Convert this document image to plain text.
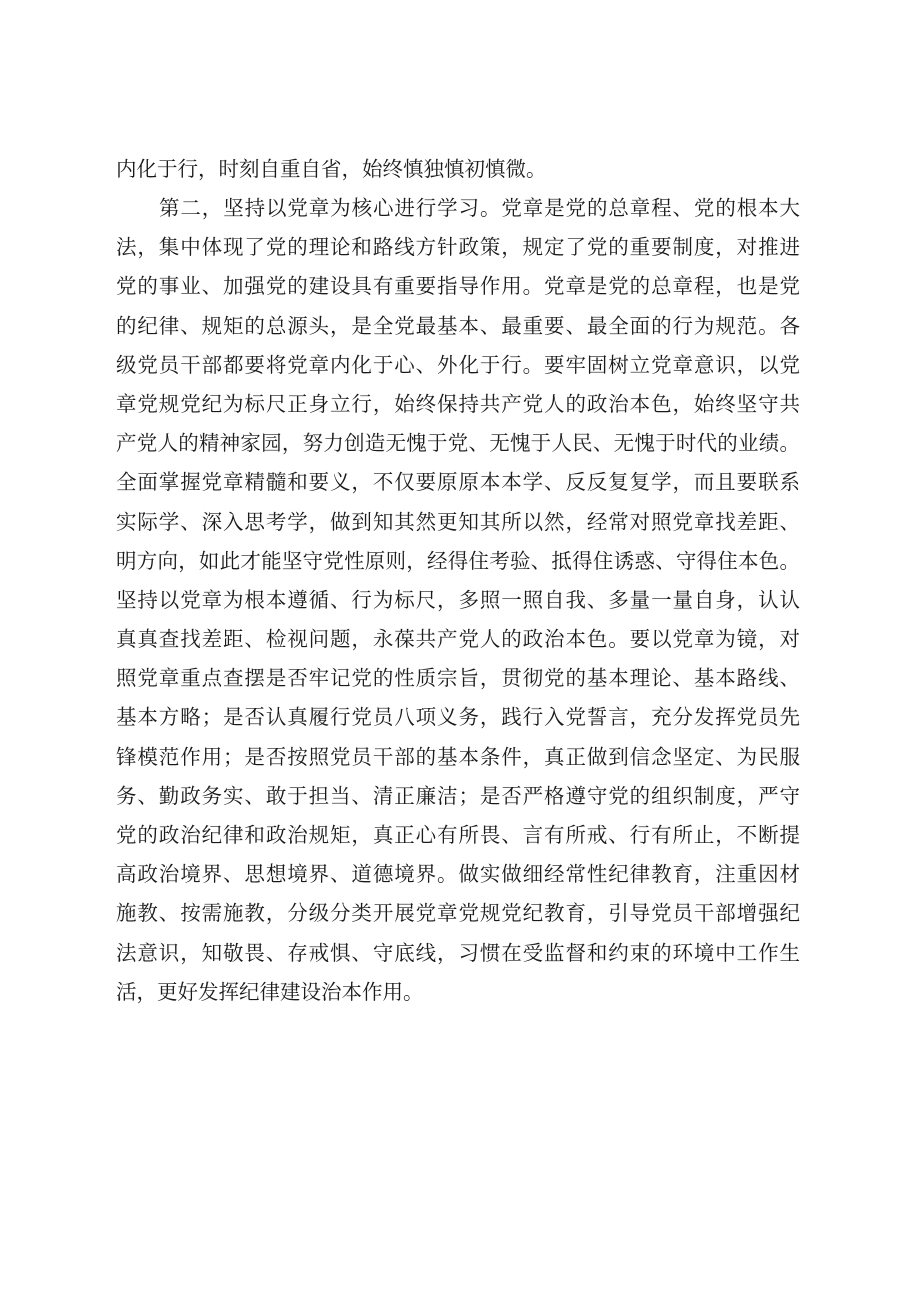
内化于行，时刻自重自省，始终慎独慎初慎微。
第二，坚持以党章为核心进行学习。党章是党的总章程、党的根本大
法，集中体现了党的理论和路线方针政策，规定了党的重要制度，对推进
党的事业、加强党的建设具有重要指导作用。党章是党的总章程，也是党
的纪律、规矩的总源头，是全党最基本、最重要、最全面的行为规范。各
级党员干部都要将党章内化于心、外化于行。要牢固树立党章意识，以党
章党规党纪为标尺正身立行，始终保持共产党人的政治本色，始终坚守共
产党人的精神家园，努力创造无愧于党、无愧于人民、无愧于时代的业绩。
全面掌握党章精髓和要义，不仅要原原本本学、反反复复学，而且要联系
实际学、深入思考学，做到知其然更知其所以然，经常对照党章找差距、
明方向，如此才能坚守党性原则，经得住考验、抵得住诱惑、守得住本色。
坚持以党章为根本遵循、行为标尺，多照一照自我、多量一量自身，认认
真真查找差距、检视问题，永葆共产党人的政治本色。要以党章为镜，对
照党章重点查摆是否牢记党的性质宗旨，贯彻党的基本理论、基本路线、
基本方略；是否认真履行党员八项义务，践行入党誓言，充分发挥党员先
锋模范作用；是否按照党员干部的基本条件，真正做到信念坚定、为民服
务、勤政务实、敢于担当、清正廉洁；是否严格遵守党的组织制度，严守
党的政治纪律和政治规矩，真正心有所畏、言有所戒、行有所止，不断提
高政治境界、思想境界、道德境界。做实做细经常性纪律教育，注重因材
施教、按需施教，分级分类开展党章党规党纪教育，引导党员干部增强纪
法意识，知敬畏、存戒惧、守底线，习惯在受监督和约束的环境中工作生
活，更好发挥纪律建设治本作用。
